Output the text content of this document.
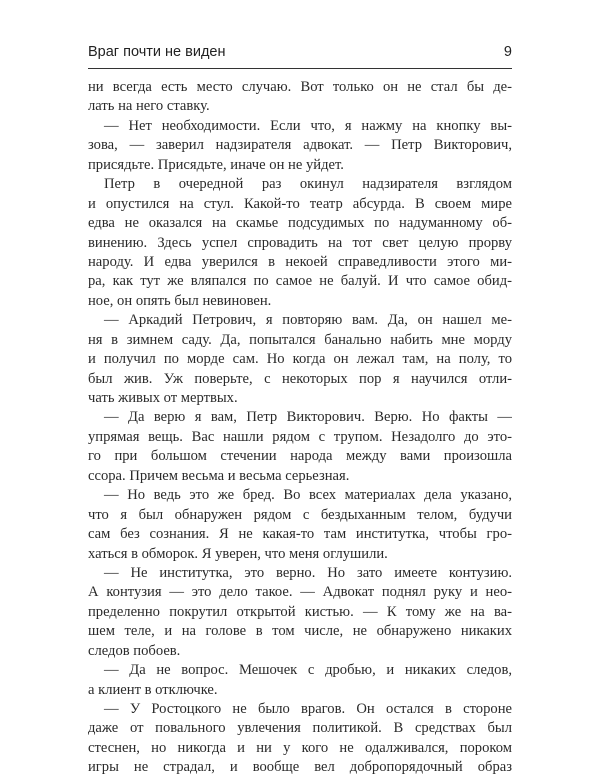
Враг почти не виден	9
ни всегда есть место случаю. Вот только он не стал бы де-
лать на него ставку.
— Нет необходимости. Если что, я нажму на кнопку вы-
зова, — заверил надзирателя адвокат. — Петр Викторович,
присядьте. Присядьте, иначе он не уйдет.
Петр в очередной раз окинул надзирателя взглядом
и опустился на стул. Какой-то театр абсурда. В своем мире
едва не оказался на скамье подсудимых по надуманному об-
винению. Здесь успел спровадить на тот свет целую прорву
народу. И едва уверился в некоей справедливости этого ми-
ра, как тут же вляпался по самое не балуй. И что самое обид-
ное, он опять был невиновен.
— Аркадий Петрович, я повторяю вам. Да, он нашел ме-
ня в зимнем саду. Да, попытался банально набить мне морду
и получил по морде сам. Но когда он лежал там, на полу, то
был жив. Уж поверьте, с некоторых пор я научился отли-
чать живых от мертвых.
— Да верю я вам, Петр Викторович. Верю. Но факты —
упрямая вещь. Вас нашли рядом с трупом. Незадолго до это-
го при большом стечении народа между вами произошла
ссора. Причем весьма и весьма серьезная.
— Но ведь это же бред. Во всех материалах дела указано,
что я был обнаружен рядом с бездыханным телом, будучи
сам без сознания. Я не какая-то там институтка, чтобы гро-
хаться в обморок. Я уверен, что меня оглушили.
— Не институтка, это верно. Но зато имеете контузию.
А контузия — это дело такое. — Адвокат поднял руку и нео-
пределенно покрутил открытой кистью. — К тому же на ва-
шем теле, и на голове в том числе, не обнаружено никаких
следов побоев.
— Да не вопрос. Мешочек с дробью, и никаких следов,
а клиент в отключке.
— У Ростоцкого не было врагов. Он остался в стороне
даже от повального увлечения политикой. В средствах был
стеснен, но никогда и ни у кого не одалживался, пороком
игры не страдал, и вообще вел добропорядочный образ
